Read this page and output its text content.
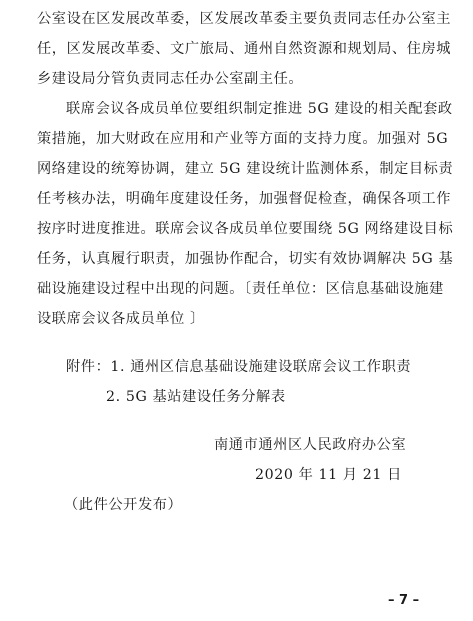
公室设在区发展改革委，区发展改革委主要负责同志任办公室主
任，区发展改革委、文广旅局、通州自然资源和规划局、住房城
乡建设局分管负责同志任办公室副主任。
联席会议各成员单位要组织制定推进 5G 建设的相关配套政
策措施，加大财政在应用和产业等方面的支持力度。加强对 5G
网络建设的统筹协调，建立 5G 建设统计监测体系，制定目标责
任考核办法，明确年度建设任务，加强督促检查，确保各项工作
按序时进度推进。联席会议各成员单位要围绕 5G 网络建设目标
任务，认真履行职责，加强协作配合，切实有效协调解决 5G 基
础设施建设过程中出现的问题。〔责任单位：区信息基础设施建
设联席会议各成员单位 〕
附件：1. 通州区信息基础设施建设联席会议工作职责
2. 5G 基站建设任务分解表
南通市通州区人民政府办公室
2020 年 11 月 21 日
（此件公开发布）
– 7 –
